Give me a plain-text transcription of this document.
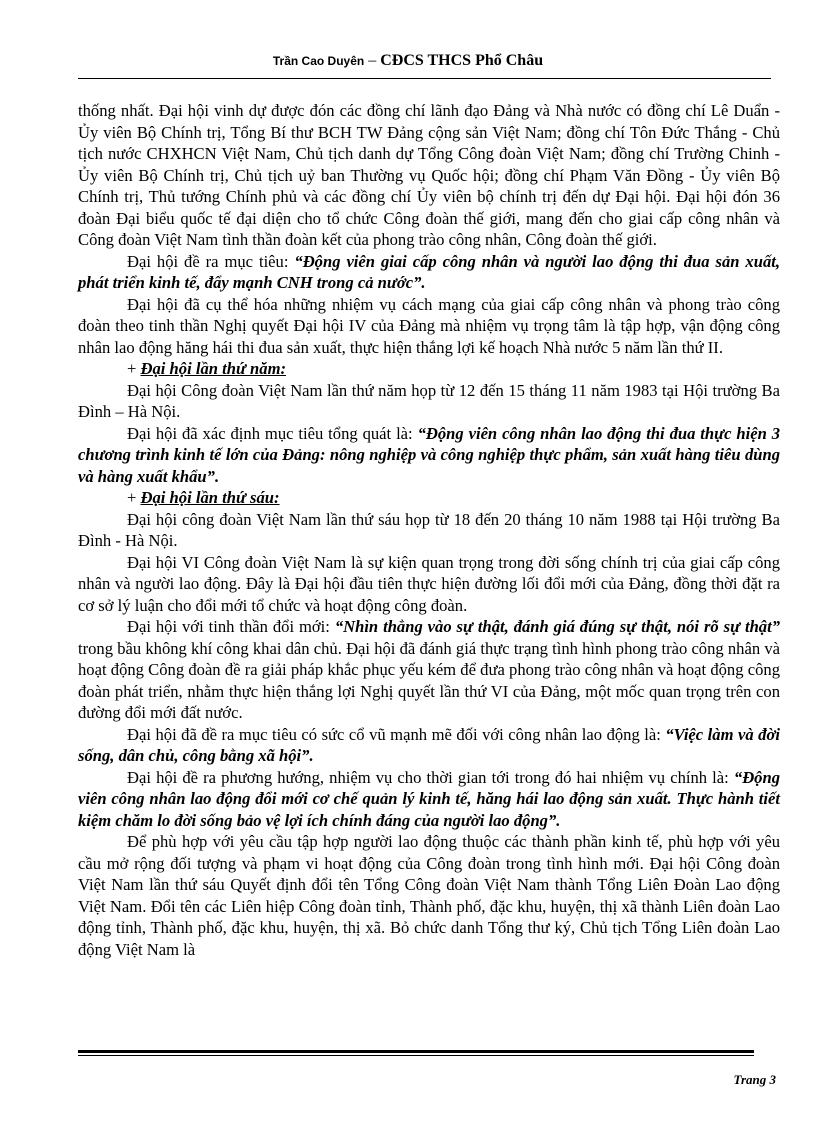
Trần Cao Duyên – CĐCS THCS Phổ Châu

thống nhất. Đại hội vinh dự được đón các đồng chí lãnh đạo Đảng và Nhà nước có đồng chí Lê Duẩn - Ủy viên Bộ Chính trị, Tổng Bí thư BCH TW Đảng cộng sản Việt Nam; đồng chí Tôn Đức Thắng - Chủ tịch nước CHXHCN Việt Nam, Chủ tịch danh dự Tổng Công đoàn Việt Nam; đồng chí Trường Chinh - Ủy viên Bộ Chính trị, Chủ tịch uỷ ban Thường vụ Quốc hội; đồng chí Phạm Văn Đồng - Ủy viên Bộ Chính trị, Thủ tướng Chính phủ và các đồng chí Ủy viên bộ chính trị đến dự Đại hội. Đại hội đón 36 đoàn Đại biểu quốc tế đại diện cho tổ chức Công đoàn thế giới, mang đến cho giai cấp công nhân và Công đoàn Việt Nam tình thần đoàn kết của phong trào công nhân, Công đoàn thế giới.

Đại hội đề ra mục tiêu: “Động viên giai cấp công nhân và người lao động thi đua sản xuất, phát triển kinh tế, đẩy mạnh CNH trong cả nước”.

Đại hội đã cụ thể hóa những nhiệm vụ cách mạng của giai cấp công nhân và phong trào công đoàn theo tinh thần Nghị quyết Đại hội IV của Đảng mà nhiệm vụ trọng tâm là tập hợp, vận động công nhân lao động hăng hái thi đua sản xuất, thực hiện thắng lợi kế hoạch Nhà nước 5 năm lần thứ II.

+ Đại hội lần thứ năm:

Đại hội Công đoàn Việt Nam lần thứ năm họp từ 12 đến 15 tháng 11 năm 1983 tại Hội trường Ba Đình – Hà Nội.

Đại hội đã xác định mục tiêu tổng quát là: “Động viên công nhân lao động thi đua thực hiện 3 chương trình kinh tế lớn của Đảng: nông nghiệp và công nghiệp thực phẩm, sản xuất hàng tiêu dùng và hàng xuất khẩu”.

+ Đại hội lần thứ sáu:

Đại hội công đoàn Việt Nam lần thứ sáu họp từ 18 đến 20 tháng 10 năm 1988 tại Hội trường Ba Đình - Hà Nội.

Đại hội VI Công đoàn Việt Nam là sự kiện quan trọng trong đời sống chính trị của giai cấp công nhân và người lao động. Đây là Đại hội đầu tiên thực hiện đường lối đổi mới của Đảng, đồng thời đặt ra cơ sở lý luận cho đổi mới tổ chức và hoạt động công đoàn.

Đại hội với tinh thần đổi mới: “Nhìn thẳng vào sự thật, đánh giá đúng sự thật, nói rõ sự thật” trong bầu không khí công khai dân chủ. Đại hội đã đánh giá thực trạng tình hình phong trào công nhân và hoạt động Công đoàn đề ra giải pháp khắc phục yếu kém để đưa phong trào công nhân và hoạt động công đoàn phát triển, nhằm thực hiện thắng lợi Nghị quyết lần thứ VI của Đảng, một mốc quan trọng trên con đường đổi mới đất nước.

Đại hội đã đề ra mục tiêu có sức cổ vũ mạnh mẽ đối với công nhân lao động là: “Việc làm và đời sống, dân chủ, công bằng xã hội”.

Đại hội đề ra phương hướng, nhiệm vụ cho thời gian tới trong đó hai nhiệm vụ chính là: “Động viên công nhân lao động đổi mới cơ chế quản lý kinh tế, hăng hái lao động sản xuất. Thực hành tiết kiệm chăm lo đời sống bảo vệ lợi ích chính đáng của người lao động”.

Để phù hợp với yêu cầu tập hợp người lao động thuộc các thành phần kinh tế, phù hợp với yêu cầu mở rộng đối tượng và phạm vi hoạt động của Công đoàn trong tình hình mới. Đại hội Công đoàn Việt Nam lần thứ sáu Quyết định đổi tên Tổng Công đoàn Việt Nam thành Tổng Liên Đoàn Lao động Việt Nam. Đổi tên các Liên hiệp Công đoàn tỉnh, Thành phố, đặc khu, huyện, thị xã thành Liên đoàn Lao động tỉnh, Thành phố, đặc khu, huyện, thị xã. Bỏ chức danh Tổng thư ký, Chủ tịch Tổng Liên đoàn Lao động Việt Nam là

Trang 3
